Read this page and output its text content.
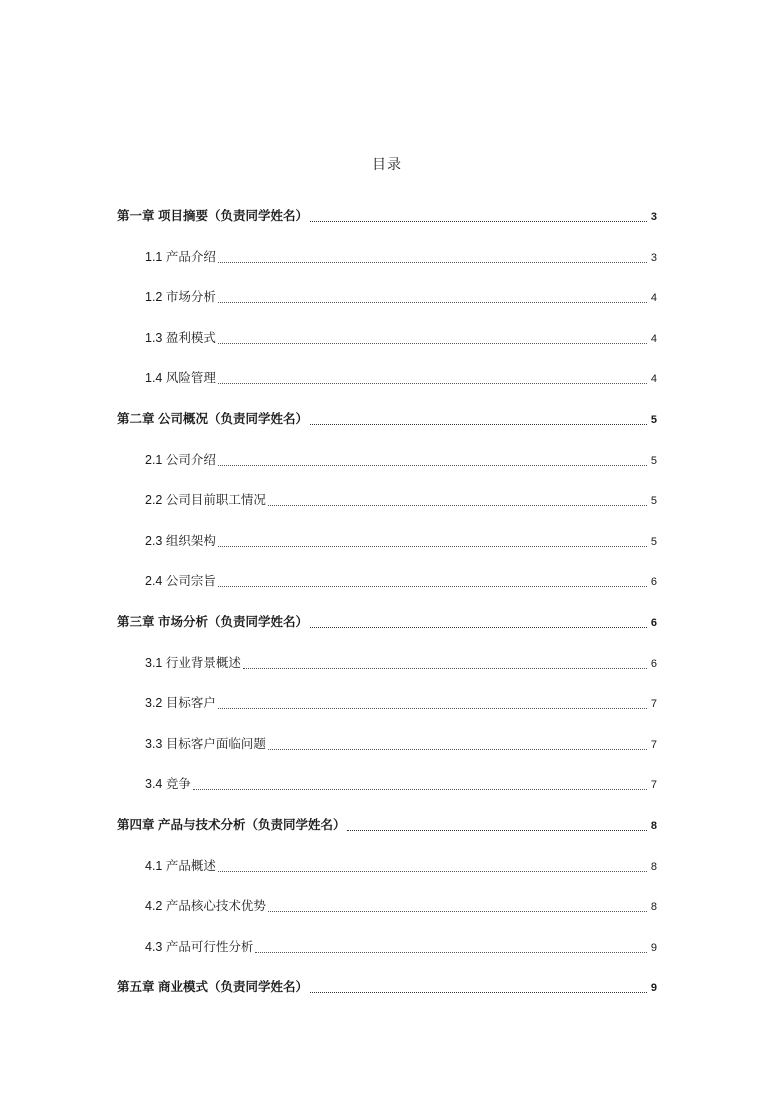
目录
第一章 项目摘要（负责同学姓名）	3
1.1 产品介绍	3
1.2 市场分析	4
1.3 盈利模式	4
1.4 风险管理	4
第二章 公司概况（负责同学姓名）	5
2.1 公司介绍	5
2.2 公司目前职工情况	5
2.3 组织架构	5
2.4 公司宗旨	6
第三章 市场分析（负责同学姓名）	6
3.1 行业背景概述	6
3.2 目标客户	7
3.3 目标客户面临问题	7
3.4 竞争	7
第四章 产品与技术分析（负责同学姓名）	8
4.1 产品概述	8
4.2 产品核心技术优势	8
4.3 产品可行性分析	9
第五章 商业模式（负责同学姓名）	9
